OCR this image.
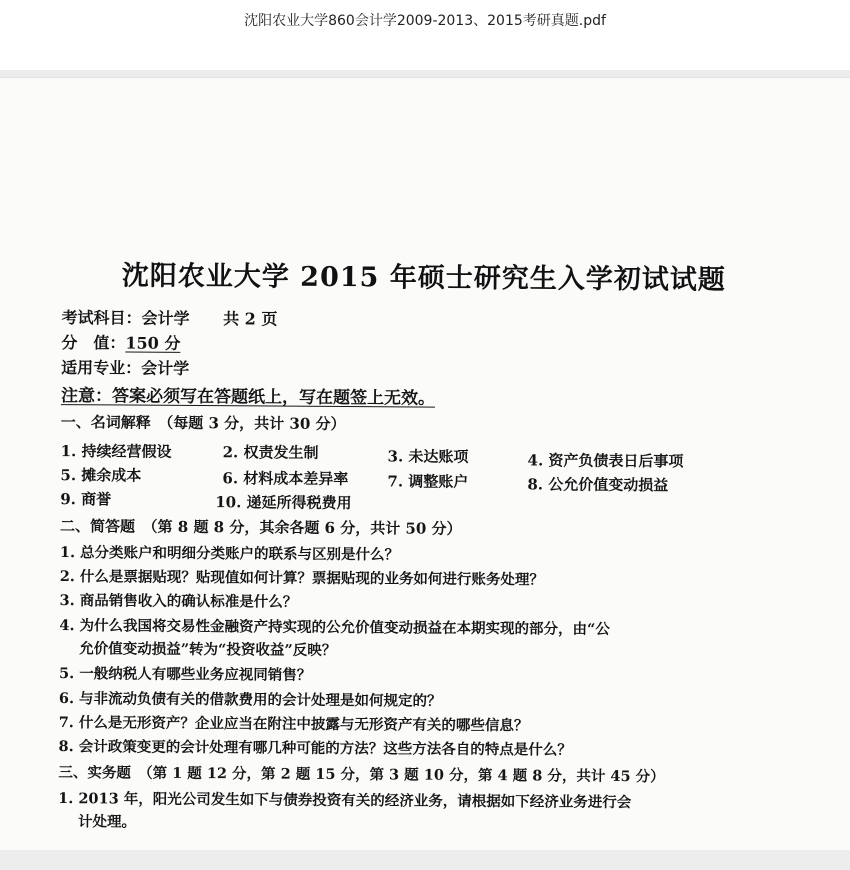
沈阳农业大学860会计学2009-2013、2015考研真题.pdf
沈阳农业大学 2015 年硕士研究生入学初试试题
考试科目：会计学 共 2 页
分　值：150 分
适用专业：会计学
注意：答案必须写在答题纸上，写在题签上无效。
一、名词解释　（每题 3 分，共计 30 分）
1. 持续经营假设	2. 权责发生制	3. 未达账项	4. 资产负债表日后事项
5. 摊余成本	6. 材料成本差异率	7. 调整账户	8. 公允价值变动损益
9. 商誉	10. 递延所得税费用
二、简答题　（第 8 题 8 分，其余各题 6 分，共计 50 分）
1. 总分类账户和明细分类账户的联系与区别是什么？
2. 什么是票据贴现？贴现值如何计算？票据贴现的业务如何进行账务处理？
3. 商品销售收入的确认标准是什么？
4. 为什么我国将交易性金融资产持实现的公允价值变动损益在本期实现的部分，由“公
允价值变动损益”转为“投资收益”反映？
5. 一般纳税人有哪些业务应视同销售？
6. 与非流动负债有关的借款费用的会计处理是如何规定的？
7. 什么是无形资产？企业应当在附注中披露与无形资产有关的哪些信息？
8. 会计政策变更的会计处理有哪几种可能的方法？这些方法各自的特点是什么？
三、实务题　（第 1 题 12 分，第 2 题 15 分，第 3 题 10 分，第 4 题 8 分，共计 45 分）
1. 2013 年，阳光公司发生如下与债券投资有关的经济业务，请根据如下经济业务进行会
计处理。
